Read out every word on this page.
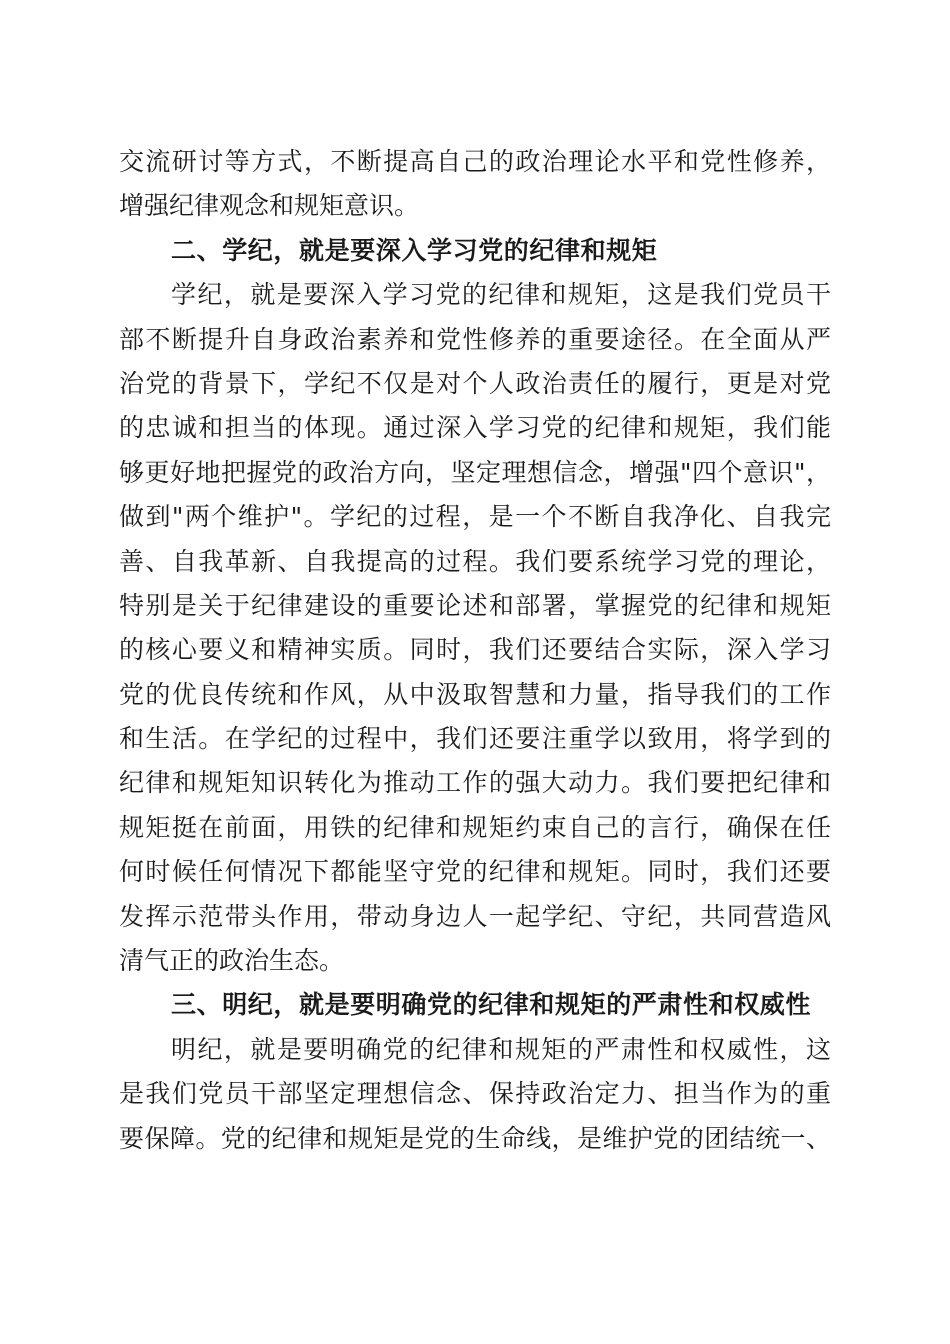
交流研讨等方式，不断提高自己的政治理论水平和党性修养，
增强纪律观念和规矩意识。
二、学纪，就是要深入学习党的纪律和规矩
学纪，就是要深入学习党的纪律和规矩，这是我们党员干
部不断提升自身政治素养和党性修养的重要途径。在全面从严
治党的背景下，学纪不仅是对个人政治责任的履行，更是对党
的忠诚和担当的体现。通过深入学习党的纪律和规矩，我们能
够更好地把握党的政治方向，坚定理想信念，增强"四个意识"，
做到"两个维护"。学纪的过程，是一个不断自我净化、自我完
善、自我革新、自我提高的过程。我们要系统学习党的理论，
特别是关于纪律建设的重要论述和部署，掌握党的纪律和规矩
的核心要义和精神实质。同时，我们还要结合实际，深入学习
党的优良传统和作风，从中汲取智慧和力量，指导我们的工作
和生活。在学纪的过程中，我们还要注重学以致用，将学到的
纪律和规矩知识转化为推动工作的强大动力。我们要把纪律和
规矩挺在前面，用铁的纪律和规矩约束自己的言行，确保在任
何时候任何情况下都能坚守党的纪律和规矩。同时，我们还要
发挥示范带头作用，带动身边人一起学纪、守纪，共同营造风
清气正的政治生态。
三、明纪，就是要明确党的纪律和规矩的严肃性和权威性
明纪，就是要明确党的纪律和规矩的严肃性和权威性，这
是我们党员干部坚定理想信念、保持政治定力、担当作为的重
要保障。党的纪律和规矩是党的生命线，是维护党的团结统一、
